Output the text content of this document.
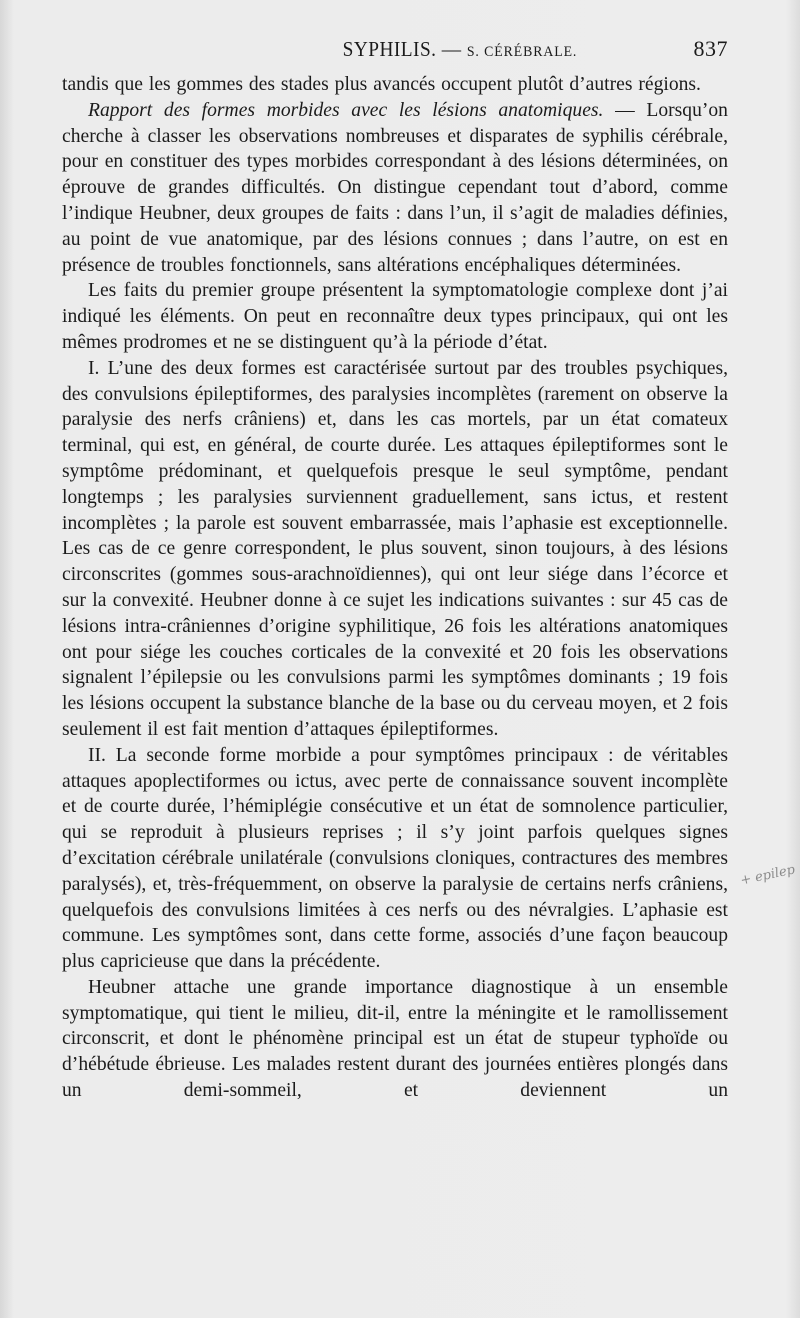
SYPHILIS. — S. CÉRÉBRALE.	837

tandis que les gommes des stades plus avancés occupent plutôt d’autres régions.

Rapport des formes morbides avec les lésions anatomiques. — Lorsqu’on cherche à classer les observations nombreuses et disparates de syphilis cérébrale, pour en constituer des types morbides correspondant à des lésions déterminées, on éprouve de grandes difficultés. On distingue cependant tout d’abord, comme l’indique Heubner, deux groupes de faits : dans l’un, il s’agit de maladies définies, au point de vue anatomique, par des lésions connues ; dans l’autre, on est en présence de troubles fonctionnels, sans altérations encéphaliques déterminées.

Les faits du premier groupe présentent la symptomatologie complexe dont j’ai indiqué les éléments. On peut en reconnaître deux types principaux, qui ont les mêmes prodromes et ne se distinguent qu’à la période d’état.

I. L’une des deux formes est caractérisée surtout par des troubles psychiques, des convulsions épileptiformes, des paralysies incomplètes (rarement on observe la paralysie des nerfs crâniens) et, dans les cas mortels, par un état comateux terminal, qui est, en général, de courte durée. Les attaques épileptiformes sont le symptôme prédominant, et quelquefois presque le seul symptôme, pendant longtemps ; les paralysies surviennent graduellement, sans ictus, et restent incomplètes ; la parole est souvent embarrassée, mais l’aphasie est exceptionnelle. Les cas de ce genre correspondent, le plus souvent, sinon toujours, à des lésions circonscrites (gommes sous-arachnoïdiennes), qui ont leur siége dans l’écorce et sur la convexité. Heubner donne à ce sujet les indications suivantes : sur 45 cas de lésions intra-crâniennes d’origine syphilitique, 26 fois les altérations anatomiques ont pour siége les couches corticales de la convexité et 20 fois les observations signalent l’épilepsie ou les convulsions parmi les symptômes dominants ; 19 fois les lésions occupent la substance blanche de la base ou du cerveau moyen, et 2 fois seulement il est fait mention d’attaques épileptiformes.

II. La seconde forme morbide a pour symptômes principaux : de véritables attaques apoplectiformes ou ictus, avec perte de connaissance souvent incomplète et de courte durée, l’hémiplégie consécutive et un état de somnolence particulier, qui se reproduit à plusieurs reprises ; il s’y joint parfois quelques signes d’excitation cérébrale unilatérale (convulsions cloniques, contractures des membres paralysés), et, très-fréquemment, on observe la paralysie de certains nerfs crâniens, quelquefois des convulsions limitées à ces nerfs ou des névralgies. L’aphasie est commune. Les symptômes sont, dans cette forme, associés d’une façon beaucoup plus capricieuse que dans la précédente.

Heubner attache une grande importance diagnostique à un ensemble symptomatique, qui tient le milieu, dit-il, entre la méningite et le ramollissement circonscrit, et dont le phénomène principal est un état de stupeur typhoïde ou d’hébétude ébrieuse. Les malades restent durant des journées entières plongés dans un demi-sommeil, et deviennent un

+ epilep
